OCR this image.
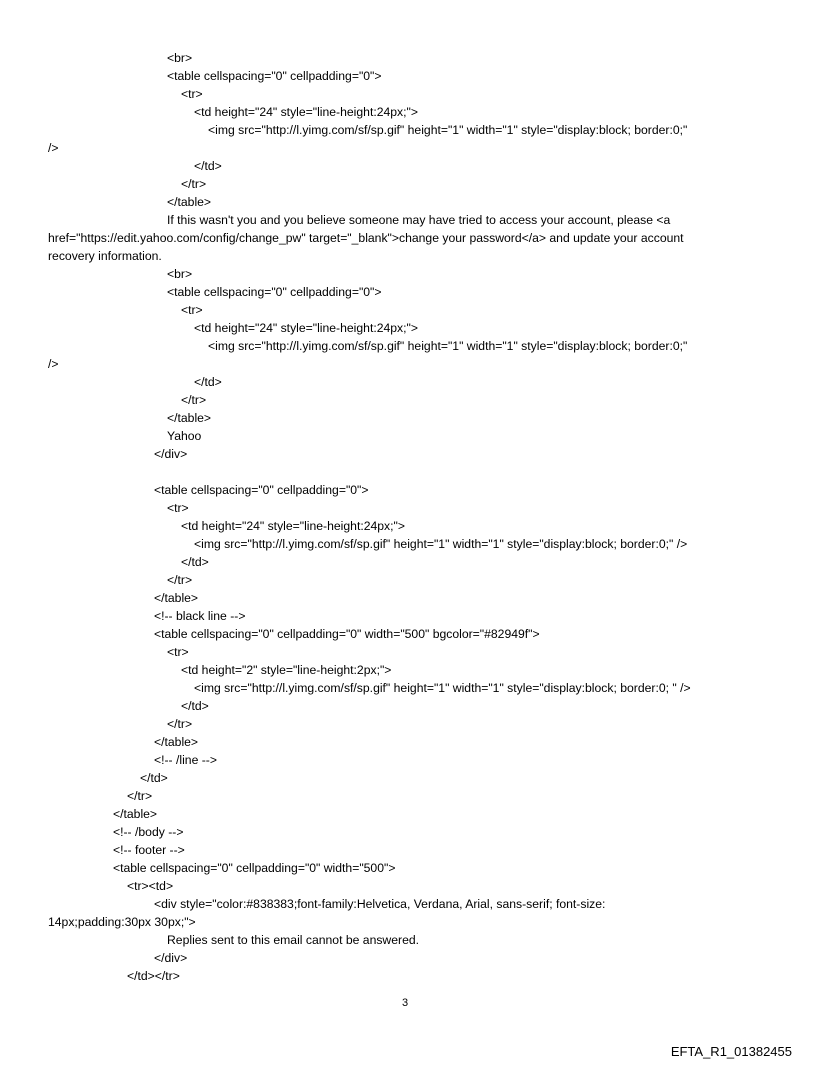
<br>
<table cellspacing="0" cellpadding="0">
<tr>
<td height="24" style="line-height:24px;">
<img src="http://l.yimg.com/sf/sp.gif" height="1" width="1" style="display:block; border:0;"
/>
</td>
</tr>
</table>
If this wasn't you and you believe someone may have tried to access your account, please <a
href="https://edit.yahoo.com/config/change_pw" target="_blank">change your password</a> and update your account
recovery information.
<br>
<table cellspacing="0" cellpadding="0">
<tr>
<td height="24" style="line-height:24px;">
<img src="http://l.yimg.com/sf/sp.gif" height="1" width="1" style="display:block; border:0;"
/>
</td>
</tr>
</table>
Yahoo
</div>
<table cellspacing="0" cellpadding="0">
<tr>
<td height="24" style="line-height:24px;">
<img src="http://l.yimg.com/sf/sp.gif" height="1" width="1" style="display:block; border:0;" />
</td>
</tr>
</table>
<!-- black line -->
<table cellspacing="0" cellpadding="0" width="500" bgcolor="#82949f">
<tr>
<td height="2" style="line-height:2px;">
<img src="http://l.yimg.com/sf/sp.gif" height="1" width="1" style="display:block; border:0; " />
</td>
</tr>
</table>
<!-- /line -->
</td>
</tr>
</table>
<!-- /body -->
<!-- footer -->
<table cellspacing="0" cellpadding="0" width="500">
<tr><td>
<div style="color:#838383;font-family:Helvetica, Verdana, Arial, sans-serif; font-size:
14px;padding:30px 30px;">
Replies sent to this email cannot be answered.
</div>
</td></tr>
3
EFTA_R1_01382455
